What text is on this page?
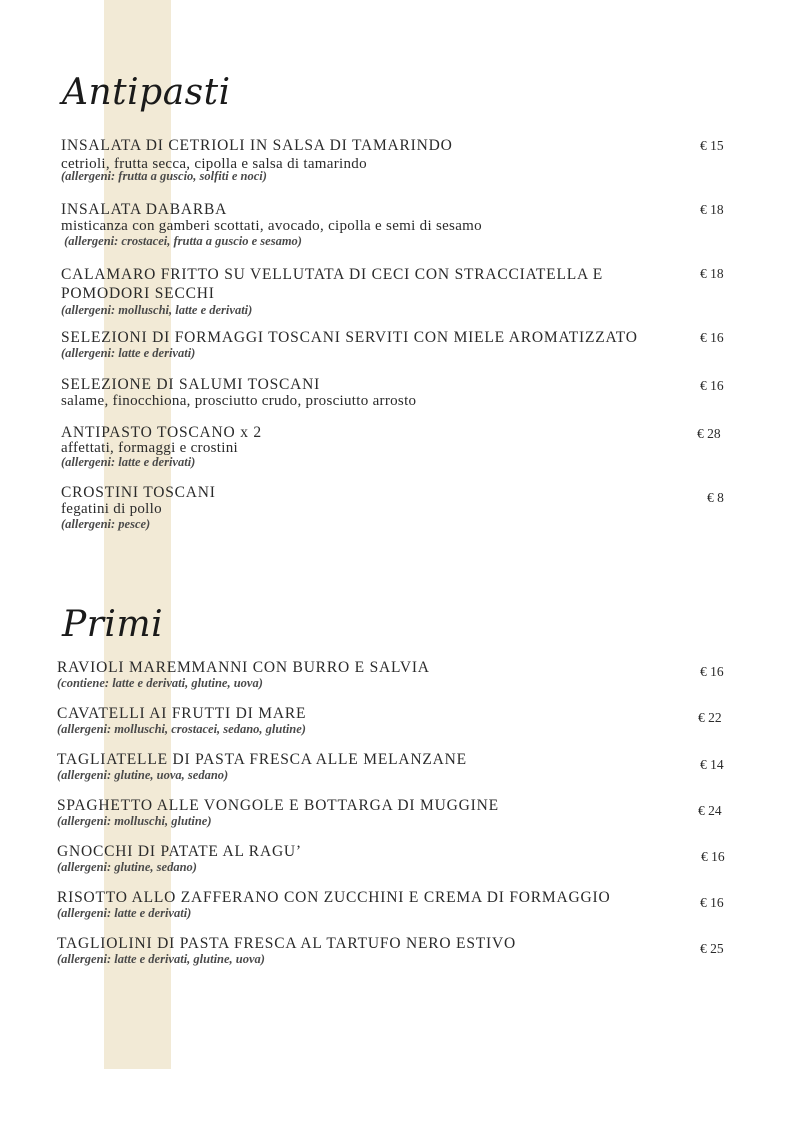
Antipasti
INSALATA DI CETRIOLI IN SALSA DI TAMARINDO
cetrioli, frutta secca, cipolla e salsa di tamarindo
(allergeni: frutta a guscio, solfiti e noci)
€ 15
INSALATA DABARBA
misticanza con gamberi scottati, avocado, cipolla e semi di sesamo
(allergeni: crostacei, frutta a guscio e sesamo)
€ 18
CALAMARO FRITTO SU VELLUTATA DI CECI CON STRACCIATELLA E POMODORI SECCHI
(allergeni: molluschi, latte e derivati)
€ 18
SELEZIONI DI FORMAGGI TOSCANI SERVITI CON MIELE AROMATIZZATO
(allergeni: latte e derivati)
€ 16
SELEZIONE DI SALUMI TOSCANI
salame, finocchiona, prosciutto crudo, prosciutto arrosto
€ 16
ANTIPASTO TOSCANO x 2
affettati, formaggi e crostini
(allergeni: latte e derivati)
€ 28
CROSTINI TOSCANI
fegatini di pollo
(allergeni: pesce)
€ 8
Primi
RAVIOLI MAREMMANNI CON BURRO E SALVIA
(contiene: latte e derivati, glutine, uova)
€ 16
CAVATELLI AI FRUTTI DI MARE
(allergeni: molluschi, crostacei, sedano, glutine)
€ 22
TAGLIATELLE DI PASTA FRESCA ALLE MELANZANE
(allergeni: glutine, uova, sedano)
€ 14
SPAGHETTO ALLE VONGOLE E BOTTARGA DI MUGGINE
(allergeni: molluschi, glutine)
€ 24
GNOCCHI DI PATATE AL RAGU’
(allergeni: glutine, sedano)
€ 16
RISOTTO ALLO ZAFFERANO CON ZUCCHINI E CREMA DI FORMAGGIO
(allergeni: latte e derivati)
€ 16
TAGLIOLINI DI PASTA FRESCA AL TARTUFO NERO ESTIVO
(allergeni: latte e derivati, glutine, uova)
€ 25
